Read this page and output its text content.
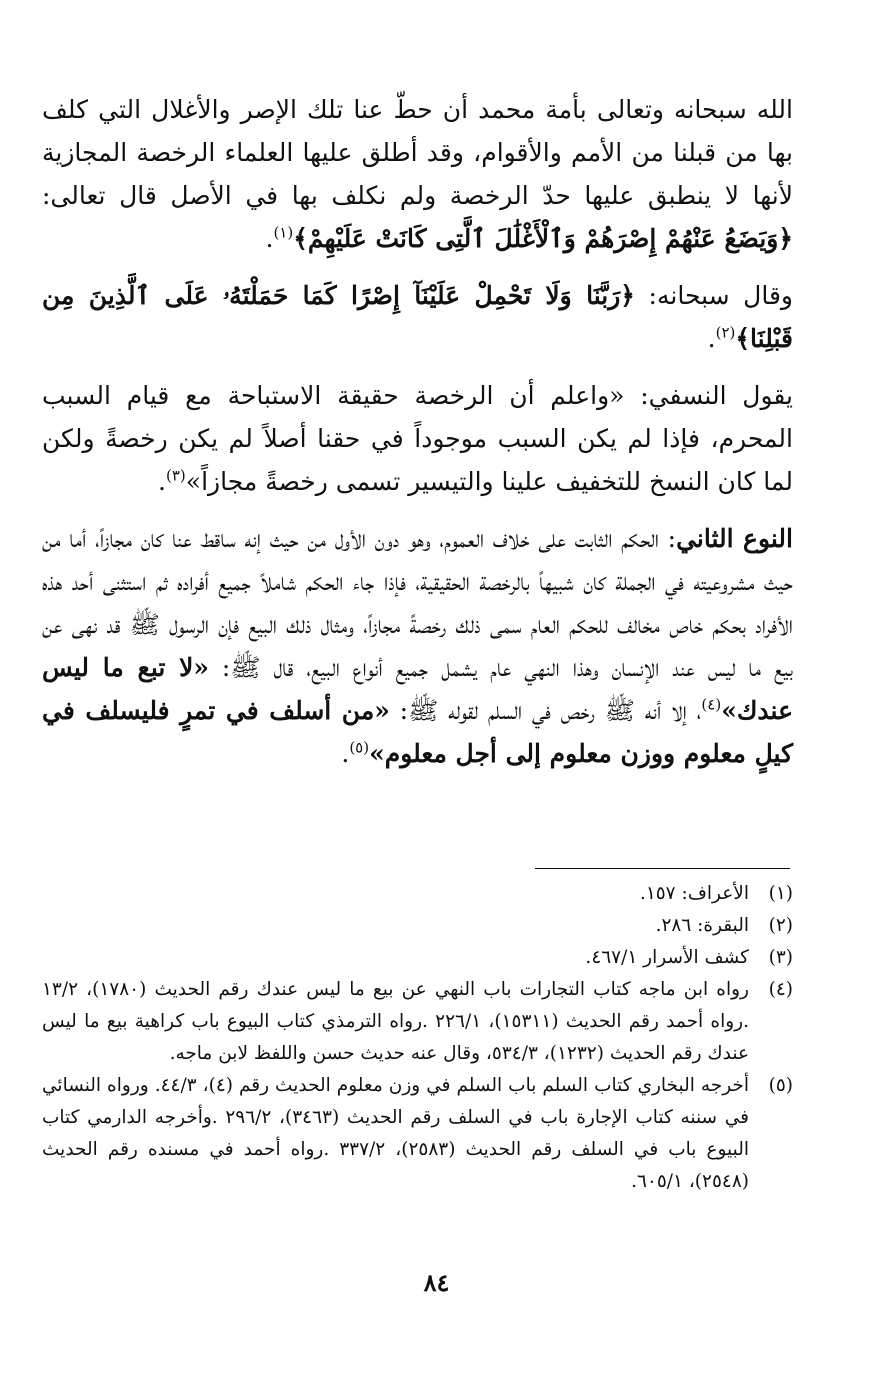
الله سبحانه وتعالى بأمة محمد أن حطّ عنا تلك الإصر والأغلال التي كلف بها من قبلنا من الأمم والأقوام، وقد أطلق عليها العلماء الرخصة المجازية لأنها لا ينطبق عليها حدّ الرخصة ولم نكلف بها في الأصل قال تعالى: ﴿وَيَضَعُ عَنْهُمْ إِصْرَهُمْ وَٱلْأَغْلَٰلَ ٱلَّتِى كَانَتْ عَلَيْهِمْ﴾$^{(١)}$.

وقال سبحانه: ﴿رَبَّنَا وَلَا تَحْمِلْ عَلَيْنَآ إِصْرًا كَمَا حَمَلْتَهُۥ عَلَى ٱلَّذِينَ مِن قَبْلِنَا﴾$^{(٢)}$.

يقول النسفي: «واعلم أن الرخصة حقيقة الاستباحة مع قيام السبب المحرم، فإذا لم يكن السبب موجوداً في حقنا أصلاً لم يكن رخصةً ولكن لما كان النسخ للتخفيف علينا والتيسير تسمى رخصةً مجازاً»$^{(٣)}$.

النوع الثاني: الحكم الثابت على خلاف العموم، وهو دون الأول من حيث إنه ساقط عنا كان مجازاً، أما من حيث مشروعيته في الجملة كان شبيهاً بالرخصة الحقيقية، فإذا جاء الحكم شاملاً جميع أفراده ثم استثنى أحد هذه الأفراد بحكم خاص مخالف للحكم العام سمى ذلك رخصةً مجازاً، ومثال ذلك البيع فإن الرسول ﷺ قد نهى عن بيع ما ليس عند الإنسان وهذا النهي عام يشمل جميع أنواع البيع، قال ﷺ: «لا تبع ما ليس عندك»$^{(٤)}$، إلا أنه ﷺ رخص في السلم لقوله ﷺ: «من أسلف في تمرٍ فليسلف في كيلٍ معلوم ووزن معلوم إلى أجل معلوم»$^{(٥)}$.

(١)
الأعراف: ١٥٧.
(٢)
البقرة: ٢٨٦.
(٣)
كشف الأسرار ٤٦٧/١.
(٤)
رواه ابن ماجه كتاب التجارات باب النهي عن بيع ما ليس عندك رقم الحديث (١٧٨٠)، ١٣/٢ .رواه أحمد رقم الحديث (١٥٣١١)، ٢٢٦/١ .رواه الترمذي كتاب البيوع باب كراهية بيع ما ليس عندك رقم الحديث (١٢٣٢)، ٥٣٤/٣، وقال عنه حديث حسن واللفظ لابن ماجه.
(٥)
أخرجه البخاري كتاب السلم باب السلم في وزن معلوم الحديث رقم (٤)، ٤٤/٣. ورواه النسائي في سننه كتاب الإجارة باب في السلف رقم الحديث (٣٤٦٣)، ٢٩٦/٢ .وأخرجه الدارمي كتاب البيوع باب في السلف رقم الحديث (٢٥٨٣)، ٣٣٧/٢ .رواه أحمد في مسنده رقم الحديث (٢٥٤٨)، ٦٠٥/١.
٨٤
